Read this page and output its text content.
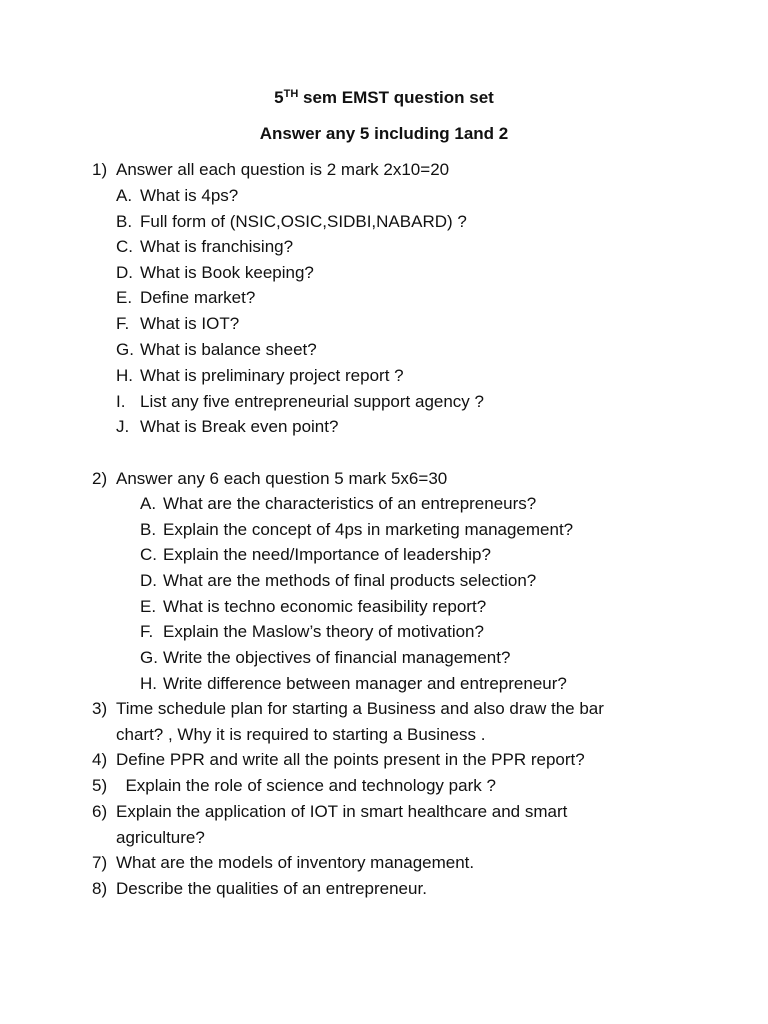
5TH sem EMST question set
Answer any 5 including 1and 2
1) Answer all each question is 2 mark 2x10=20
A. What is 4ps?
B. Full form of (NSIC,OSIC,SIDBI,NABARD) ?
C. What is franchising?
D. What is Book keeping?
E. Define market?
F. What is IOT?
G. What is balance sheet?
H. What is preliminary project report ?
I. List any five entrepreneurial support agency ?
J. What is Break even point?
2) Answer any 6 each question 5 mark 5x6=30
A. What are the characteristics of an entrepreneurs?
B. Explain the concept of 4ps in marketing management?
C. Explain the need/Importance of leadership?
D. What are the methods of final products selection?
E. What is techno economic feasibility report?
F. Explain the Maslow’s theory of motivation?
G. Write the objectives of financial management?
H. Write difference between manager and entrepreneur?
3) Time schedule plan for starting a Business and also draw the bar
chart? , Why it is required to starting a Business .
4) Define PPR and write all the points present in the PPR report?
5) Explain the role of science and technology park ?
6) Explain the application of IOT in smart healthcare and smart
agriculture?
7) What are the models of inventory management.
8) Describe the qualities of an entrepreneur.
